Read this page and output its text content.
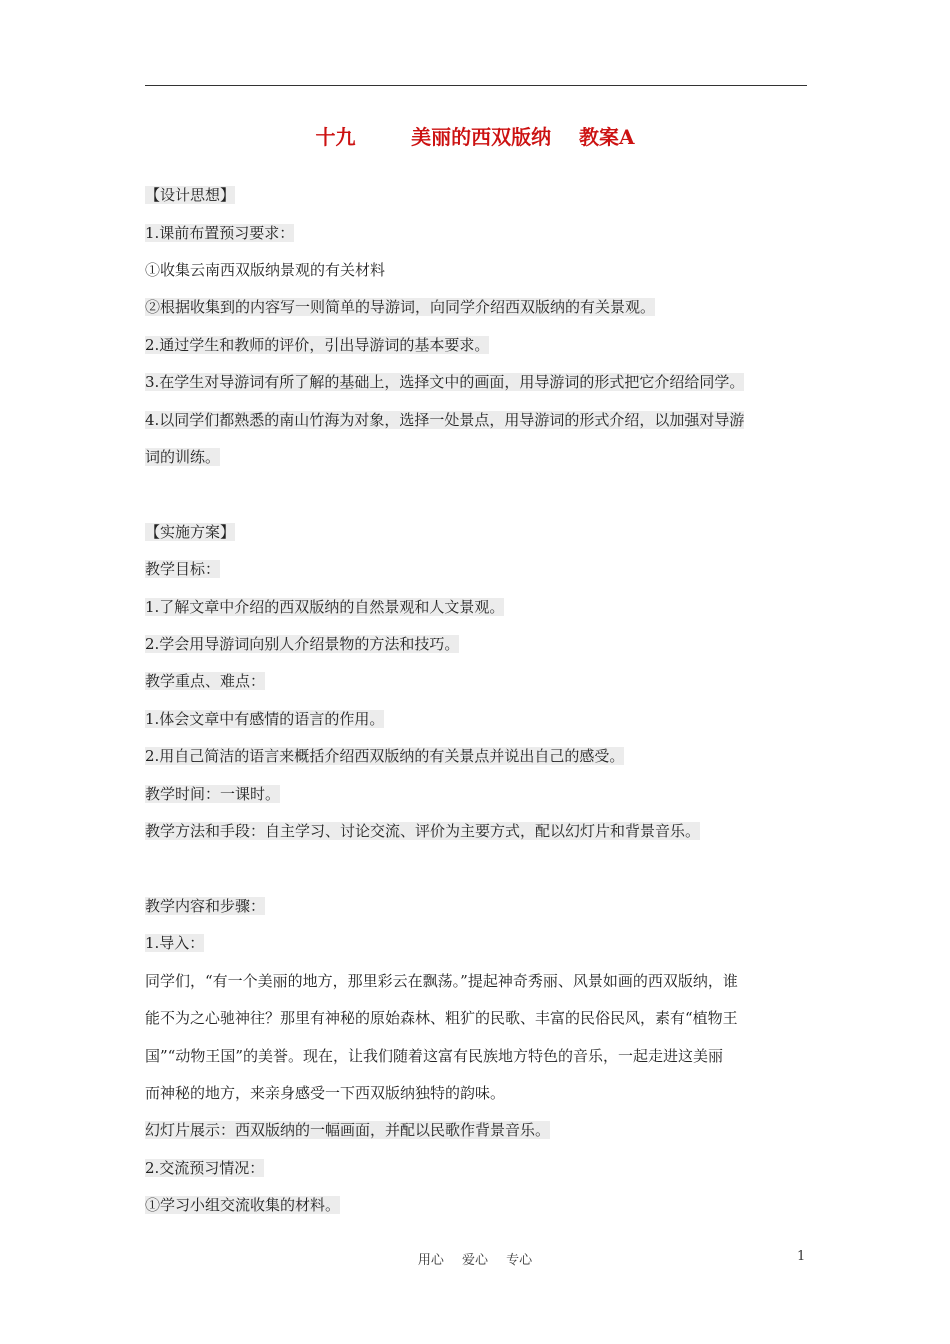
十九        美丽的西双版纳    教案A
【设计思想】
1.课前布置预习要求：
①收集云南西双版纳景观的有关材料
②根据收集到的内容写一则简单的导游词，向同学介绍西双版纳的有关景观。
2.通过学生和教师的评价，引出导游词的基本要求。
3.在学生对导游词有所了解的基础上，选择文中的画面，用导游词的形式把它介绍给同学。
4.以同学们都熟悉的南山竹海为对象，选择一处景点，用导游词的形式介绍，以加强对导游
词的训练。
【实施方案】
教学目标：
1.了解文章中介绍的西双版纳的自然景观和人文景观。
2.学会用导游词向别人介绍景物的方法和技巧。
教学重点、难点：
1.体会文章中有感情的语言的作用。
2.用自己简洁的语言来概括介绍西双版纳的有关景点并说出自己的感受。
教学时间：一课时。
教学方法和手段：自主学习、讨论交流、评价为主要方式，配以幻灯片和背景音乐。
教学内容和步骤：
1.导入：
同学们，“有一个美丽的地方，那里彩云在飘荡。”提起神奇秀丽、风景如画的西双版纳，谁
能不为之心驰神往？那里有神秘的原始森林、粗犷的民歌、丰富的民俗民风，素有“植物王
国”“动物王国”的美誉。现在，让我们随着这富有民族地方特色的音乐，一起走进这美丽
而神秘的地方，来亲身感受一下西双版纳独特的韵味。
幻灯片展示：西双版纳的一幅画面，并配以民歌作背景音乐。
2.交流预习情况：
①学习小组交流收集的材料。
用心 爱心 专心	1
